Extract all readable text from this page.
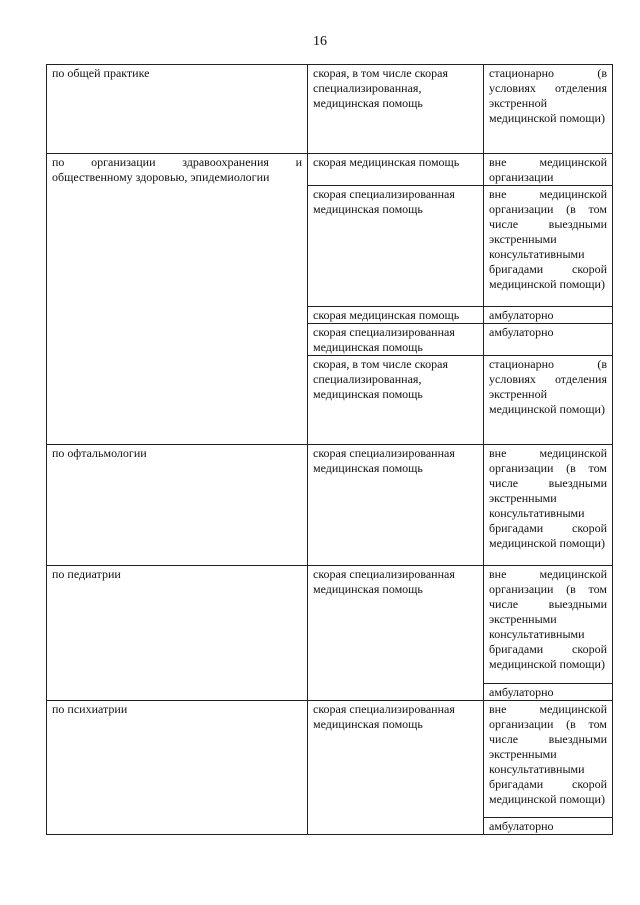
16
по общей практике	скорая, в том числе скорая специализированная, медицинская помощь	стационарно (в условиях отделения экстренной медицинской помощи)
по организации здравоохранения и общественному здоровью, эпидемиологии	скорая медицинская помощь	вне медицинской организации
	скорая специализированная медицинская помощь	вне медицинской организации (в том числе выездными экстренными консультативными бригадами скорой медицинской помощи)
	скорая медицинская помощь	амбулаторно
	скорая специализированная медицинская помощь	амбулаторно
	скорая, в том числе скорая специализированная, медицинская помощь	стационарно (в условиях отделения экстренной медицинской помощи)
по офтальмологии	скорая специализированная медицинская помощь	вне медицинской организации (в том числе выездными экстренными консультативными бригадами скорой медицинской помощи)
по педиатрии	скорая специализированная медицинская помощь	вне медицинской организации (в том числе выездными экстренными консультативными бригадами скорой медицинской помощи)
		амбулаторно
по психиатрии	скорая специализированная медицинская помощь	вне медицинской организации (в том числе выездными экстренными консультативными бригадами скорой медицинской помощи)
		амбулаторно
